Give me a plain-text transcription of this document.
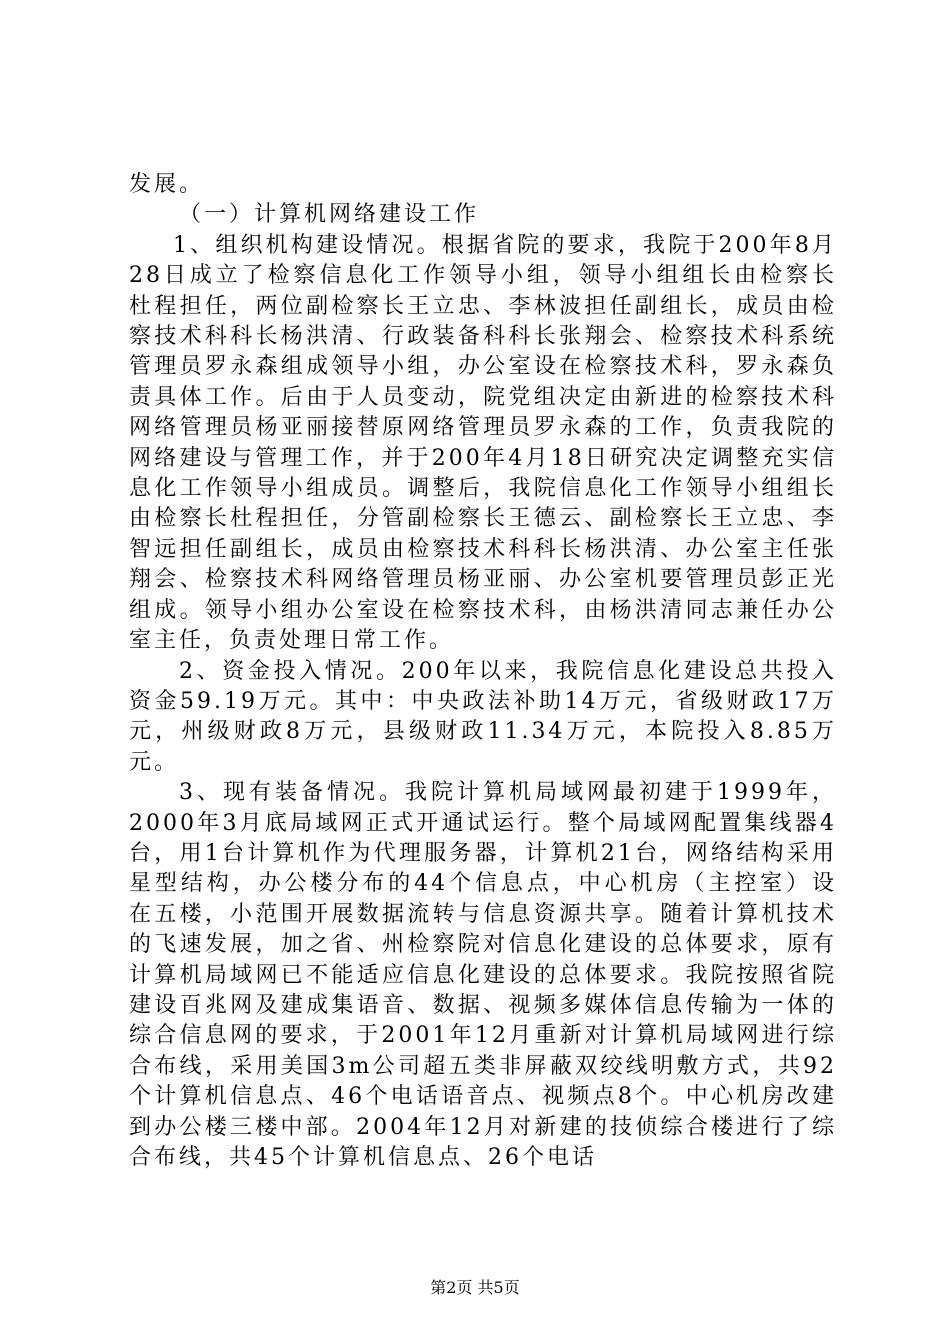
发展。

（一）计算机网络建设工作

1、组织机构建设情况。根据省院的要求，我院于200年8月28日成立了检察信息化工作领导小组，领导小组组长由检察长杜程担任，两位副检察长王立忠、李林波担任副组长，成员由检察技术科科长杨洪清、行政装备科科长张翔会、检察技术科系统管理员罗永森组成领导小组，办公室设在检察技术科，罗永森负责具体工作。后由于人员变动，院党组决定由新进的检察技术科网络管理员杨亚丽接替原网络管理员罗永森的工作，负责我院的网络建设与管理工作，并于200年4月18日研究决定调整充实信息化工作领导小组成员。调整后，我院信息化工作领导小组组长由检察长杜程担任，分管副检察长王德云、副检察长王立忠、李智远担任副组长，成员由检察技术科科长杨洪清、办公室主任张翔会、检察技术科网络管理员杨亚丽、办公室机要管理员彭正光组成。领导小组办公室设在检察技术科，由杨洪清同志兼任办公室主任，负责处理日常工作。

2、资金投入情况。200年以来，我院信息化建设总共投入资金59.19万元。其中：中央政法补助14万元，省级财政17万元，州级财政8万元，县级财政11.34万元，本院投入8.85万元。

3、现有装备情况。我院计算机局域网最初建于1999年，2000年3月底局域网正式开通试运行。整个局域网配置集线器4台，用1台计算机作为代理服务器，计算机21台，网络结构采用星型结构，办公楼分布的44个信息点，中心机房（主控室）设在五楼，小范围开展数据流转与信息资源共享。随着计算机技术的飞速发展，加之省、州检察院对信息化建设的总体要求，原有计算机局域网已不能适应信息化建设的总体要求。我院按照省院建设百兆网及建成集语音、数据、视频多媒体信息传输为一体的综合信息网的要求，于2001年12月重新对计算机局域网进行综合布线，采用美国3m公司超五类非屏蔽双绞线明敷方式，共92个计算机信息点、46个电话语音点、视频点8个。中心机房改建到办公楼三楼中部。2004年12月对新建的技侦综合楼进行了综合布线，共45个计算机信息点、26个电话

第2页 共5页
